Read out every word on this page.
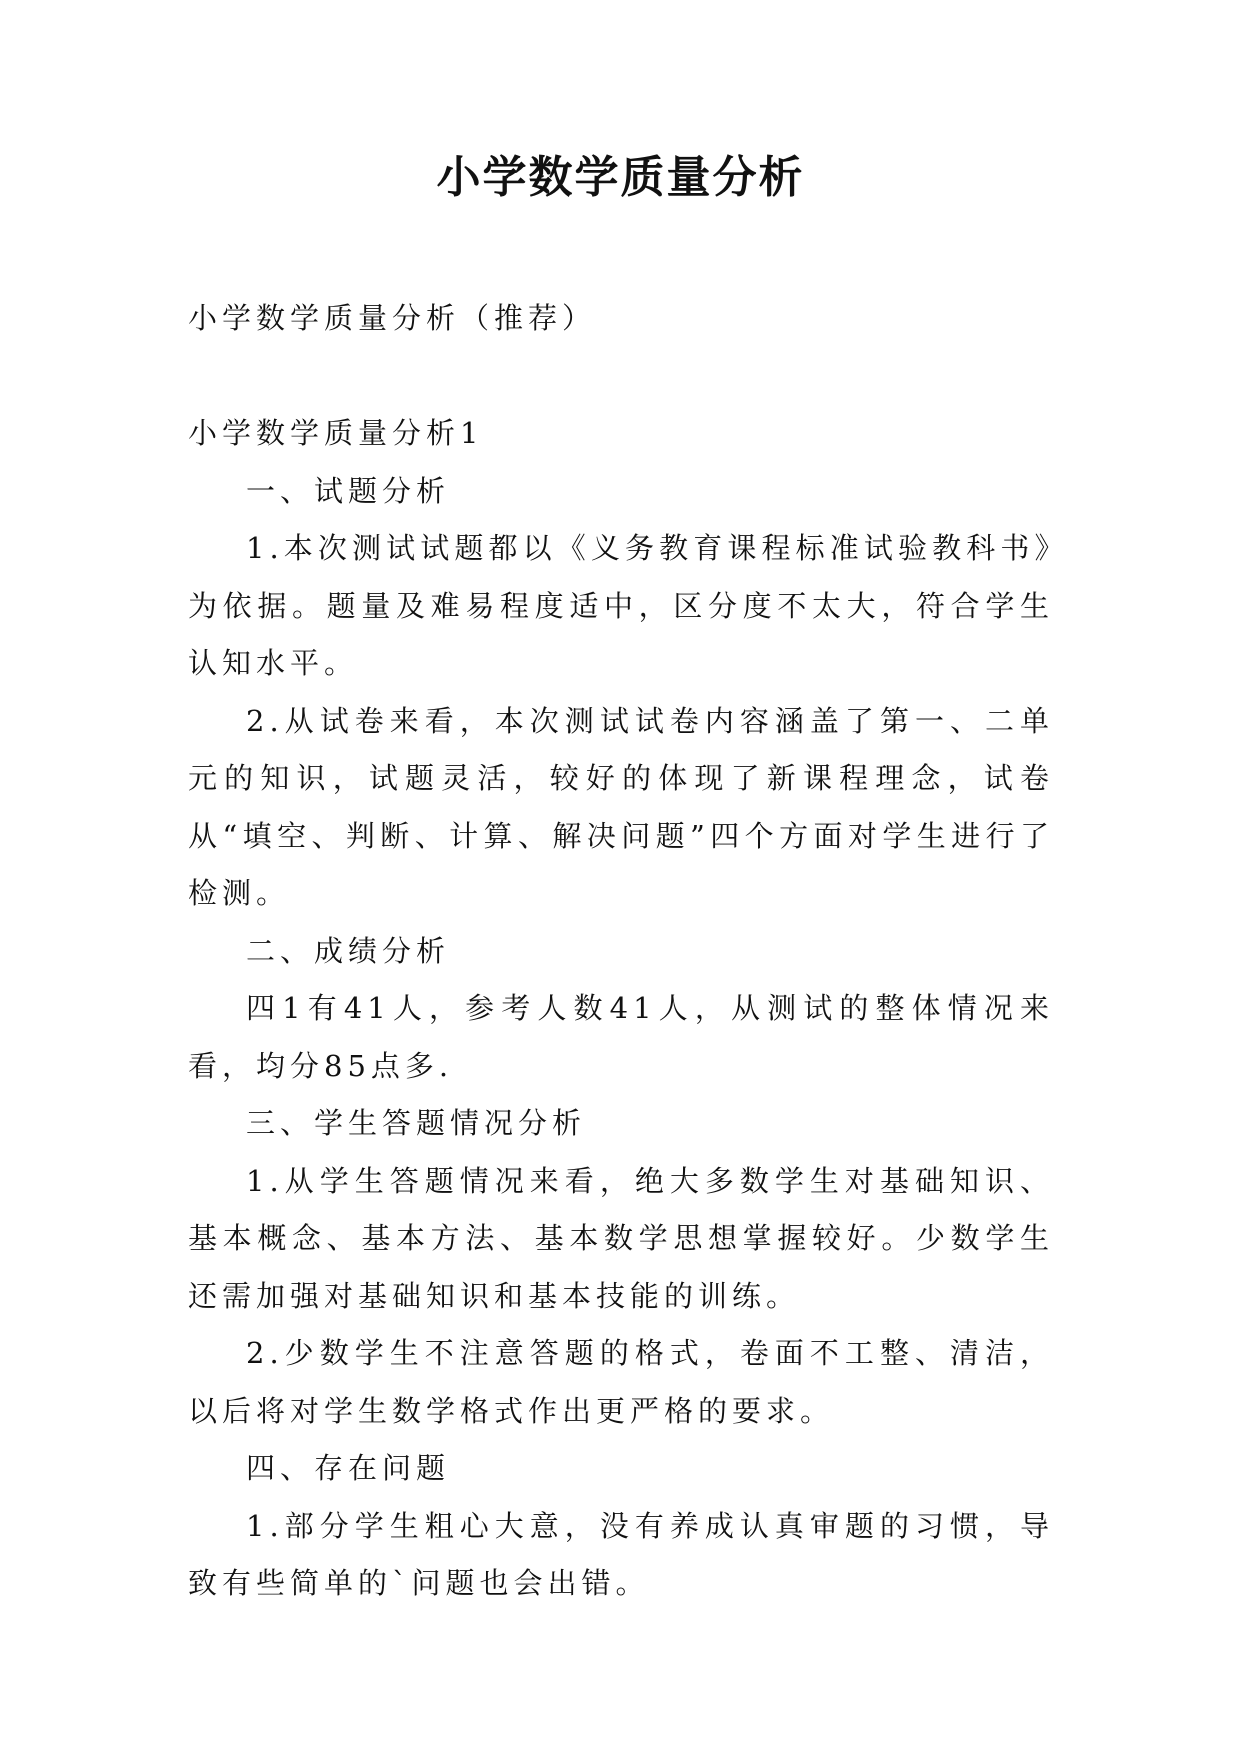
小学数学质量分析
小学数学质量分析（推荐）

小学数学质量分析1

一、试题分析

1.本次测试试题都以《义务教育课程标准试验教科书》为依据。题量及难易程度适中，区分度不太大，符合学生认知水平。

2.从试卷来看，本次测试试卷内容涵盖了第一、二单元的知识，试题灵活，较好的体现了新课程理念，试卷从“填空、判断、计算、解决问题”四个方面对学生进行了检测。

二、成绩分析

四1有41人，参考人数41人，从测试的整体情况来看，均分85点多.

三、学生答题情况分析

1.从学生答题情况来看，绝大多数学生对基础知识、基本概念、基本方法、基本数学思想掌握较好。少数学生还需加强对基础知识和基本技能的训练。

2.少数学生不注意答题的格式，卷面不工整、清洁，以后将对学生数学格式作出更严格的要求。

四、存在问题

1.部分学生粗心大意，没有养成认真审题的习惯，导致有些简单的`问题也会出错。
